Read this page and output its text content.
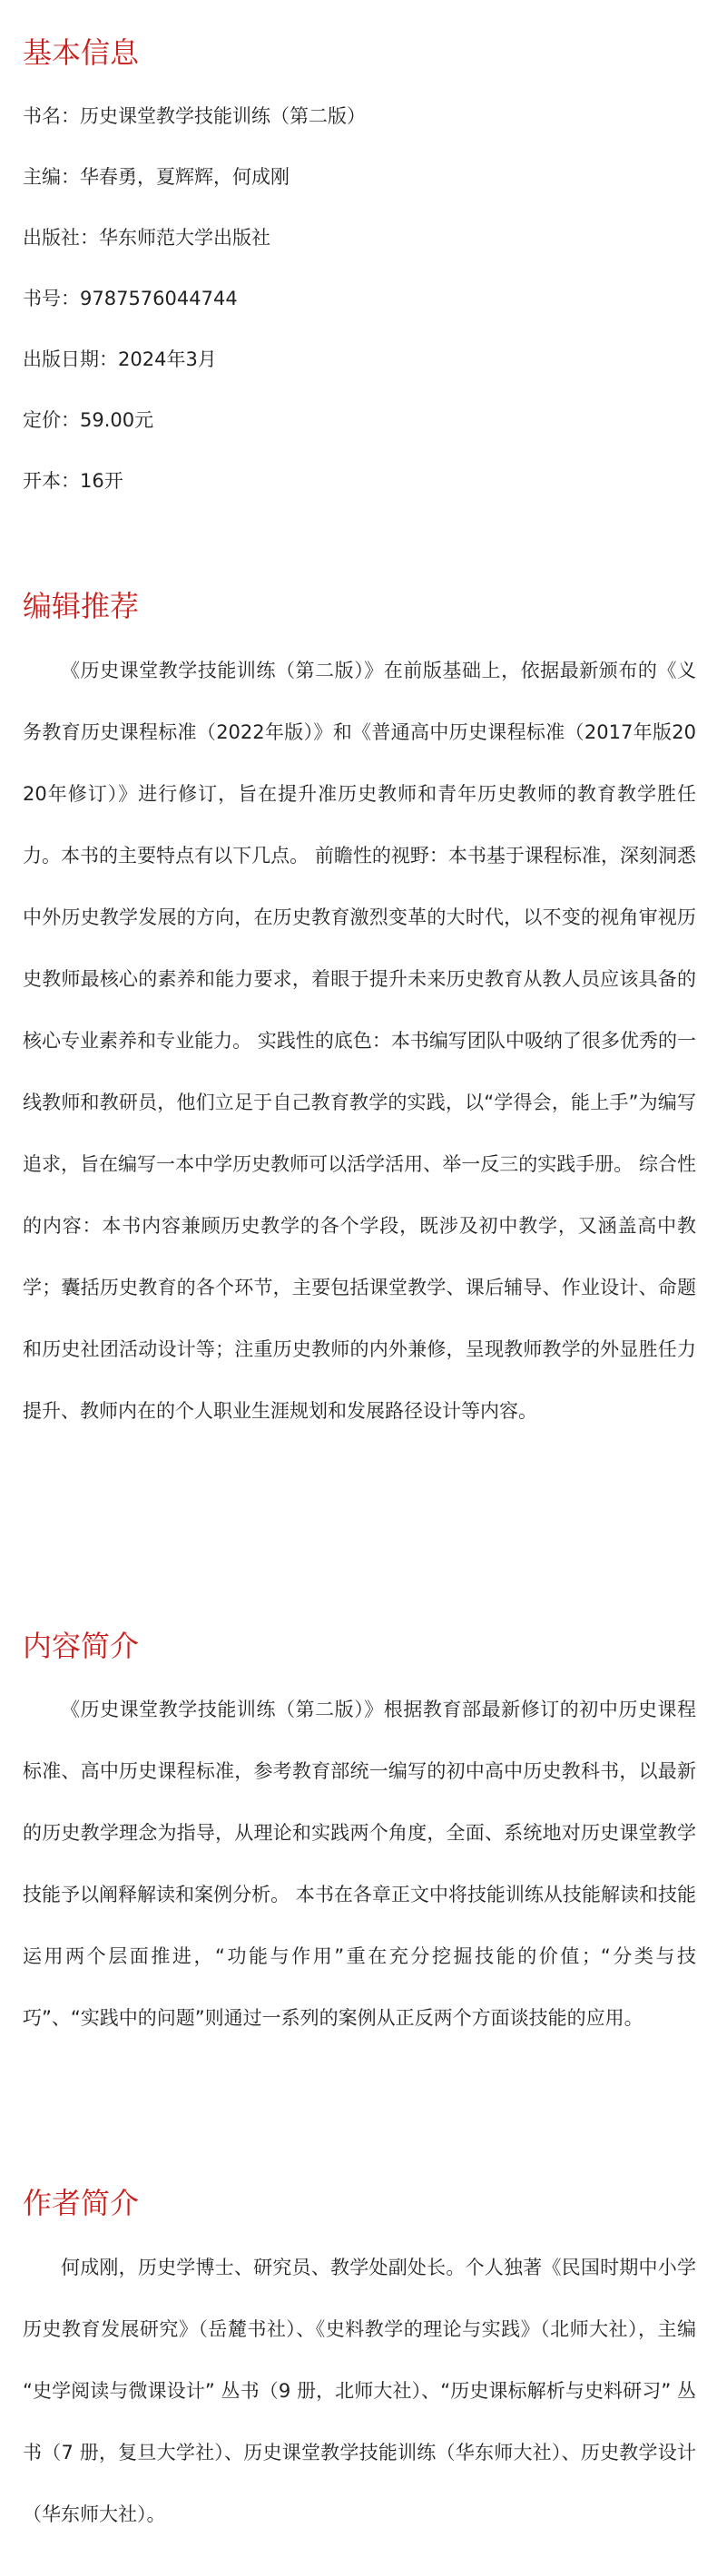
基本信息
书名：历史课堂教学技能训练（第二版）
主编：华春勇，夏辉辉，何成刚
出版社：华东师范大学出版社
书号：9787576044744
出版日期：2024年3月
定价：59.00元
开本：16开
编辑推荐

《历史课堂教学技能训练（第二版）》在前版基础上，依据最新颁布的《义务教育历史课程标准（2022年版）》和《普通高中历史课程标准（2017年版2020年修订）》进行修订，旨在提升准历史教师和青年历史教师的教育教学胜任力。本书的主要特点有以下几点。 前瞻性的视野：本书基于课程标准，深刻洞悉中外历史教学发展的方向，在历史教育激烈变革的大时代，以不变的视角审视历史教师最核心的素养和能力要求，着眼于提升未来历史教育从教人员应该具备的核心专业素养和专业能力。 实践性的底色：本书编写团队中吸纳了很多优秀的一线教师和教研员，他们立足于自己教育教学的实践，以“学得会，能上手”为编写追求，旨在编写一本中学历史教师可以活学活用、举一反三的实践手册。 综合性的内容：本书内容兼顾历史教学的各个学段，既涉及初中教学，又涵盖高中教学；囊括历史教育的各个环节，主要包括课堂教学、课后辅导、作业设计、命题和历史社团活动设计等；注重历史教师的内外兼修，呈现教师教学的外显胜任力提升、教师内在的个人职业生涯规划和发展路径设计等内容。

内容简介

《历史课堂教学技能训练（第二版）》根据教育部最新修订的初中历史课程标准、高中历史课程标准，参考教育部统一编写的初中高中历史教科书，以最新的历史教学理念为指导，从理论和实践两个角度，全面、系统地对历史课堂教学技能予以阐释解读和案例分析。 本书在各章正文中将技能训练从技能解读和技能运用两个层面推进，“功能与作用”重在充分挖掘技能的价值；“分类与技巧”、“实践中的问题”则通过一系列的案例从正反两个方面谈技能的应用。

作者简介

何成刚，历史学博士、研究员、教学处副处长。个人独著《民国时期中小学历史教育发展研究》（岳麓书社）、《史料教学的理论与实践》（北师大社），主编 “史学阅读与微课设计” 丛书（9 册，北师大社）、“历史课标解析与史料研习” 丛书（7 册，复旦大学社）、历史课堂教学技能训练（华东师大社）、历史教学设计（华东师大社）。
